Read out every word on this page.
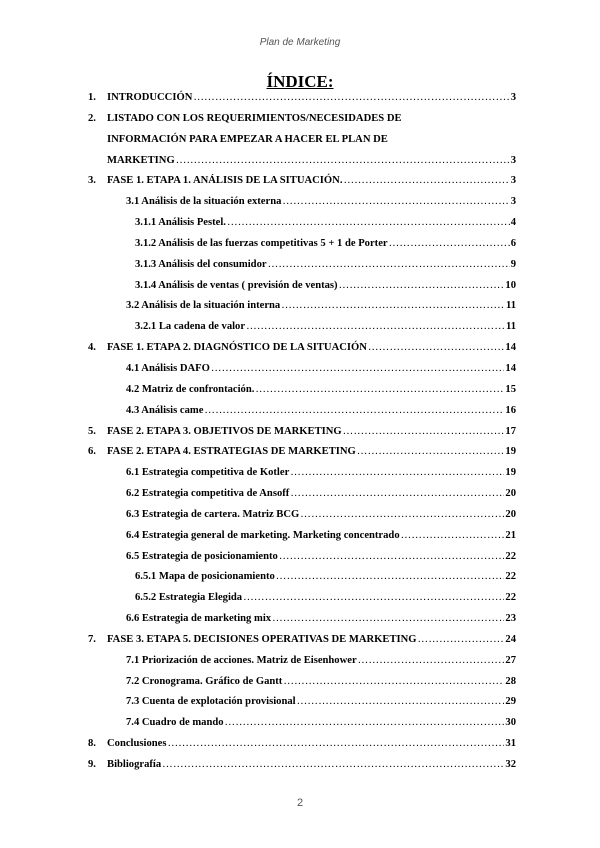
Plan de Marketing
ÍNDICE:
1.	INTRODUCCIÓN ……………………………………………………………………………………………………………………………	3
2.	LISTADO CON LOS REQUERIMIENTOS/NECESIDADES DE
INFORMACIÓN PARA EMPEZAR A HACER EL PLAN DE
MARKETING ……………………………………………………………………………………………………………………………	3
3.	FASE 1. ETAPA 1. ANÁLISIS DE LA SITUACIÓN. ……………………………………………………………………………………………………………………………	3
3.1 Análisis de la situación externa ……………………………………………………………………………………………………………………………	3
3.1.1 Análisis Pestel. ……………………………………………………………………………………………………………………………	4
3.1.2 Análisis de las fuerzas competitivas 5 + 1 de Porter ……………………………………………………………………………………………………………………………	6
3.1.3 Análisis del consumidor ……………………………………………………………………………………………………………………………	9
3.1.4 Análisis de ventas ( previsión de ventas) ……………………………………………………………………………………………………………………………	10
3.2 Análisis de la situación interna ……………………………………………………………………………………………………………………………	11
3.2.1 La cadena de valor ……………………………………………………………………………………………………………………………	11
4.	FASE 1. ETAPA 2. DIAGNÓSTICO DE LA SITUACIÓN ……………………………………………………………………………………………………………………………	14
4.1 Análisis DAFO ……………………………………………………………………………………………………………………………	14
4.2 Matriz de confrontación. ……………………………………………………………………………………………………………………………	15
4.3 Análisis came ……………………………………………………………………………………………………………………………	16
5.	FASE 2. ETAPA 3. OBJETIVOS DE MARKETING ……………………………………………………………………………………………………………………………	17
6.	FASE 2. ETAPA 4. ESTRATEGIAS DE MARKETING ……………………………………………………………………………………………………………………………	19
6.1 Estrategia competitiva de Kotler ……………………………………………………………………………………………………………………………	19
6.2 Estrategia competitiva de Ansoff ……………………………………………………………………………………………………………………………	20
6.3 Estrategia de cartera. Matriz BCG ……………………………………………………………………………………………………………………………	20
6.4 Estrategia general de marketing. Marketing concentrado ……………………………………………………………………………………………………………………………	21
6.5 Estrategia de posicionamiento ……………………………………………………………………………………………………………………………	22
6.5.1 Mapa de posicionamiento ……………………………………………………………………………………………………………………………	22
6.5.2 Estrategia Elegida ……………………………………………………………………………………………………………………………	22
6.6 Estrategia de marketing mix ……………………………………………………………………………………………………………………………	23
7.	FASE 3. ETAPA 5. DECISIONES OPERATIVAS DE MARKETING ……………………………………………………………………………………………………………………………	24
7.1 Priorización de acciones. Matriz de Eisenhower ……………………………………………………………………………………………………………………………	27
7.2 Cronograma. Gráfico de Gantt ……………………………………………………………………………………………………………………………	28
7.3 Cuenta de explotación provisional ……………………………………………………………………………………………………………………………	29
7.4 Cuadro de mando ……………………………………………………………………………………………………………………………	30
8.	Conclusiones ……………………………………………………………………………………………………………………………	31
9.	Bibliografía ……………………………………………………………………………………………………………………………	32
2
